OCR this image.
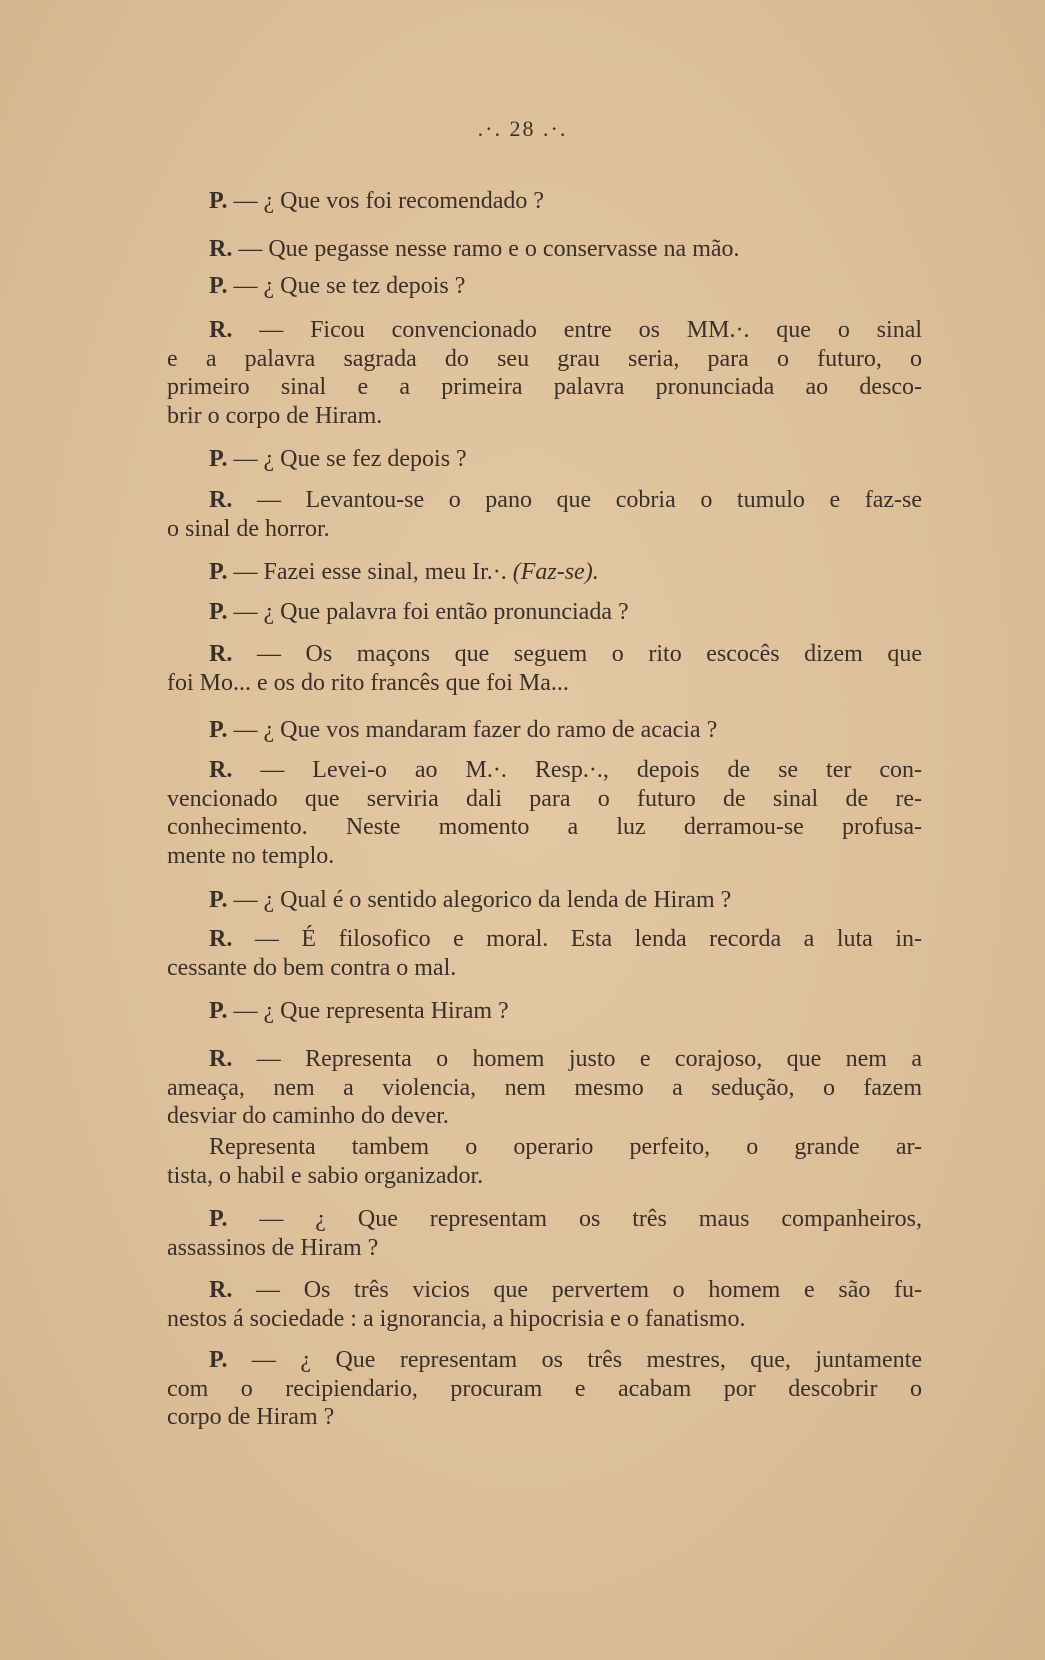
.·. 28 .·.
P. — ¿ Que vos foi recomendado ?
R. — Que pegasse nesse ramo e o conservasse na mão.
P. — ¿ Que se tez depois ?
R. — Ficou convencionado entre os MM.·. que o sinal
e a palavra sagrada do seu grau seria, para o futuro, o
primeiro sinal e a primeira palavra pronunciada ao desco-
brir o corpo de Hiram.
P. — ¿ Que se fez depois ?
R. — Levantou-se o pano que cobria o tumulo e faz-se
o sinal de horror.
P. — Fazei esse sinal, meu Ir.·. (Faz-se).
P. — ¿ Que palavra foi então pronunciada ?
R. — Os maçons que seguem o rito escocês dizem que
foi Mo... e os do rito francês que foi Ma...
P. — ¿ Que vos mandaram fazer do ramo de acacia ?
R. — Levei-o ao M.·. Resp.·., depois de se ter con-
vencionado que serviria dali para o futuro de sinal de re-
conhecimento. Neste momento a luz derramou-se profusa-
mente no templo.
P. — ¿ Qual é o sentido alegorico da lenda de Hiram ?
R. — É filosofico e moral. Esta lenda recorda a luta in-
cessante do bem contra o mal.
P. — ¿ Que representa Hiram ?
R. — Representa o homem justo e corajoso, que nem a
ameaça, nem a violencia, nem mesmo a sedução, o fazem
desviar do caminho do dever.
Representa tambem o operario perfeito, o grande ar-
tista, o habil e sabio organizador.
P. — ¿ Que representam os três maus companheiros,
assassinos de Hiram ?
R. — Os três vicios que pervertem o homem e são fu-
nestos á sociedade : a ignorancia, a hipocrisia e o fanatismo.
P. — ¿ Que representam os três mestres, que, juntamente
com o recipiendario, procuram e acabam por descobrir o
corpo de Hiram ?
